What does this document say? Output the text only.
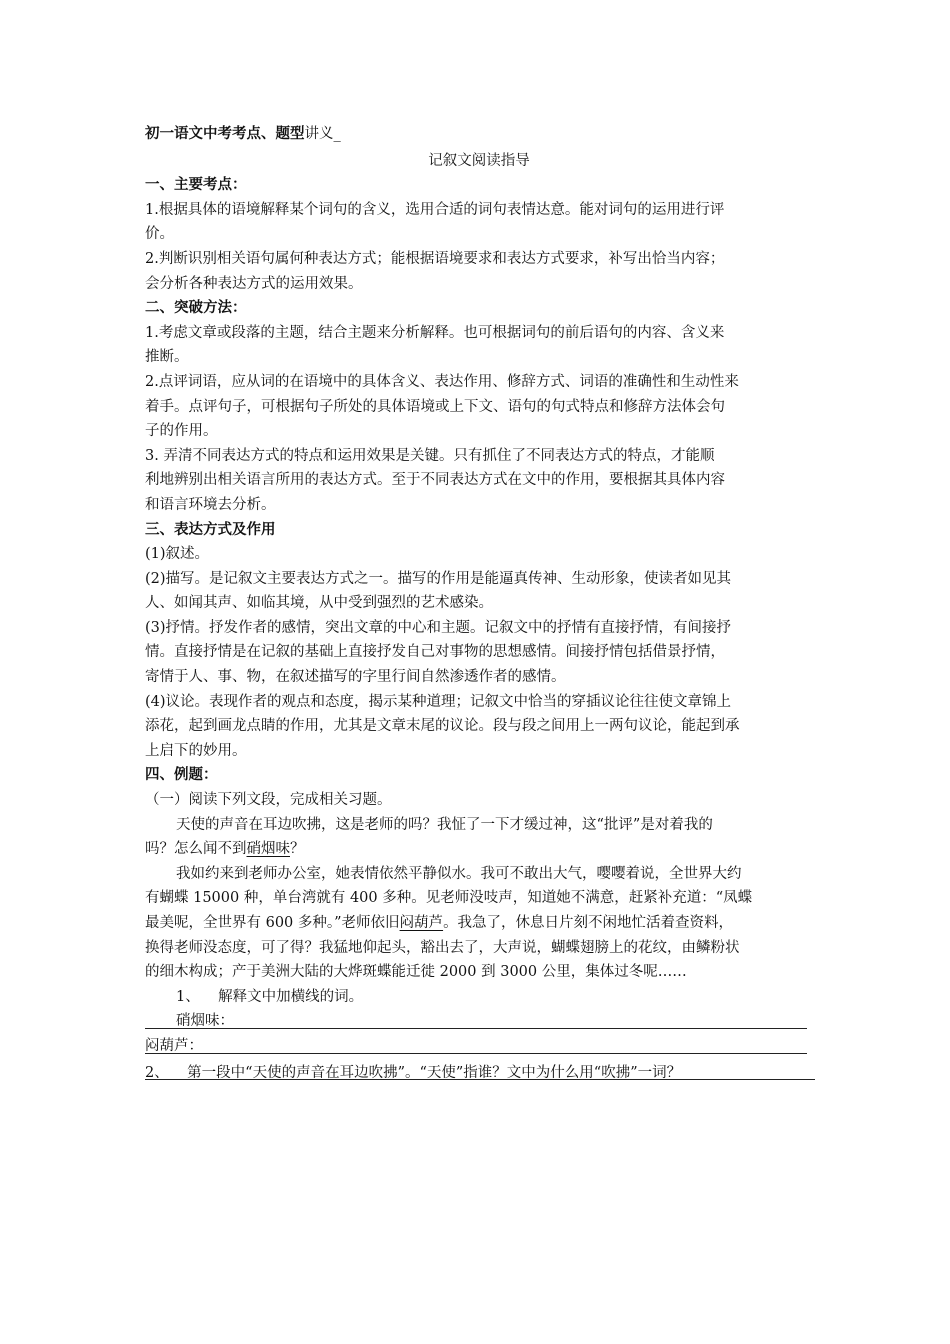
初一语文中考考点、题型讲义_
记叙文阅读指导
一、主要考点：
1.根据具体的语境解释某个词句的含义，选用合适的词句表情达意。能对词句的运用进行评
价。
2.判断识别相关语句属何种表达方式；能根据语境要求和表达方式要求，补写出恰当内容；
会分析各种表达方式的运用效果。
二、突破方法：
1.考虑文章或段落的主题，结合主题来分析解释。也可根据词句的前后语句的内容、含义来
推断。
2.点评词语，应从词的在语境中的具体含义、表达作用、修辞方式、词语的准确性和生动性来
着手。点评句子，可根据句子所处的具体语境或上下文、语句的句式特点和修辞方法体会句
子的作用。
3. 弄清不同表达方式的特点和运用效果是关键。只有抓住了不同表达方式的特点，才能顺
利地辨别出相关语言所用的表达方式。至于不同表达方式在文中的作用，要根据其具体内容
和语言环境去分析。
三、表达方式及作用
(1)叙述。
(2)描写。是记叙文主要表达方式之一。描写的作用是能逼真传神、生动形象，使读者如见其
人、如闻其声、如临其境，从中受到强烈的艺术感染。
(3)抒情。抒发作者的感情，突出文章的中心和主题。记叙文中的抒情有直接抒情，有间接抒
情。直接抒情是在记叙的基础上直接抒发自己对事物的思想感情。间接抒情包括借景抒情，
寄情于人、事、物，在叙述描写的字里行间自然渗透作者的感情。
(4)议论。表现作者的观点和态度，揭示某种道理；记叙文中恰当的穿插议论往往使文章锦上
添花，起到画龙点睛的作用，尤其是文章末尾的议论。段与段之间用上一两句议论，能起到承
上启下的妙用。
四、例题：
（一）阅读下列文段，完成相关习题。
天使的声音在耳边吹拂，这是老师的吗？我怔了一下才缓过神，这“批评”是对着我的
吗？怎么闻不到硝烟味？
我如约来到老师办公室，她表情依然平静似水。我可不敢出大气，嘤嘤着说，全世界大约
有蝴蝶 15000 种，单台湾就有 400 多种。见老师没吱声，知道她不满意，赶紧补充道：“凤蝶
最美呢，全世界有 600 多种。”老师依旧闷葫芦。我急了，休息日片刻不闲地忙活着查资料，
换得老师没态度，可了得？我猛地仰起头，豁出去了，大声说，蝴蝶翅膀上的花纹，由鳞粉状
的细木构成；产于美洲大陆的大烨斑蝶能迁徙 2000 到 3000 公里，集体过冬呢……
1、    解释文中加横线的词。
硝烟味：
闷葫芦：
2、    第一段中“天使的声音在耳边吹拂”。“天使”指谁？文中为什么用“吹拂”一词？
